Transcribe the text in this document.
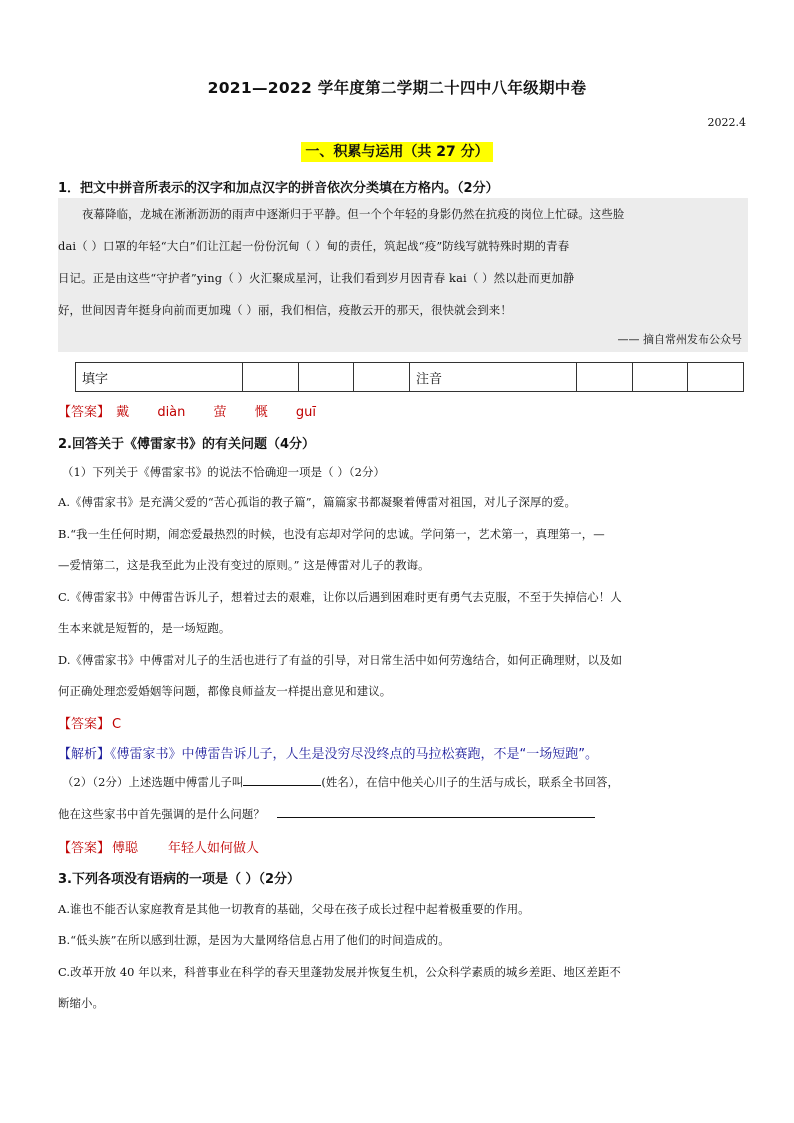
2021—2022 学年度第二学期二十四中八年级期中卷
2022.4
一、积累与运用（共 27 分）
1．把文中拼音所表示的汉字和加点汉字的拼音依次分类填在方格内。（2分）
夜幕降临，龙城在淅淅沥沥的雨声中逐渐归于平静。但一个个年轻的身影仍然在抗疫的岗位上忙碌。这些脸
dai（ ）口罩的年轻“大白”们让江起一份份沉甸（ ）甸的责任，筑起战“疫”防线写就特殊时期的青春
日记。正是由这些“守护者”ying（ ）火汇聚成星河，让我们看到岁月因青春 kai（ ）然以赴而更加静
好，世间因青年挺身向前而更加瑰（ ）丽，我们相信，疫散云开的那天，很快就会到来！
—— 摘自常州发布公众号
填字				注音			
【答案】 戴 diàn 萤 慨 guī
2.回答关于《傅雷家书》的有关问题（4分）
（1）下列关于《傅雷家书》的说法不恰确迎一项是（ ）（2分）
A.《傅雷家书》是充满父爱的“苦心孤诣的教子篇”，篇篇家书都凝聚着傅雷对祖国，对儿子深厚的爱。
B.“我一生任何时期，闹恋爱最热烈的时候，也没有忘却对学问的忠诚。学问第一，艺术第一，真理第一，—
—爱情第二，这是我至此为止没有变过的原则。” 这是傅雷对儿子的教诲。
C.《傅雷家书》中傅雷告诉儿子，想着过去的艰难，让你以后遇到困难时更有勇气去克服，不至于失掉信心！人
生本来就是短暂的，是一场短跑。
D.《傅雷家书》中傅雷对儿子的生活也进行了有益的引导，对日常生活中如何劳逸结合，如何正确理财，以及如
何正确处理恋爱婚姻等问题，都像良师益友一样提出意见和建议。
【答案】 C
【解析】《傅雷家书》中傅雷告诉儿子，人生是没穷尽没终点的马拉松赛跑，不是“一场短跑”。
（2）（2分）上述选题中傅雷儿子叫	(姓名），在信中他关心川子的生活与成长，联系全书回答，
他在这些家书中首先强调的是什么问题？
【答案】 傅聪 年轻人如何做人
3.下列各项没有语病的一项是（ ）（2分）
A.谁也不能否认家庭教育是其他一切教育的基础，父母在孩子成长过程中起着极重要的作用。
B.“低头族”在所以感到壮源，是因为大量网络信息占用了他们的时间造成的。
C.改革开放 40 年以来，科普事业在科学的春天里蓬勃发展并恢复生机，公众科学素质的城乡差距、地区差距不
断缩小。
